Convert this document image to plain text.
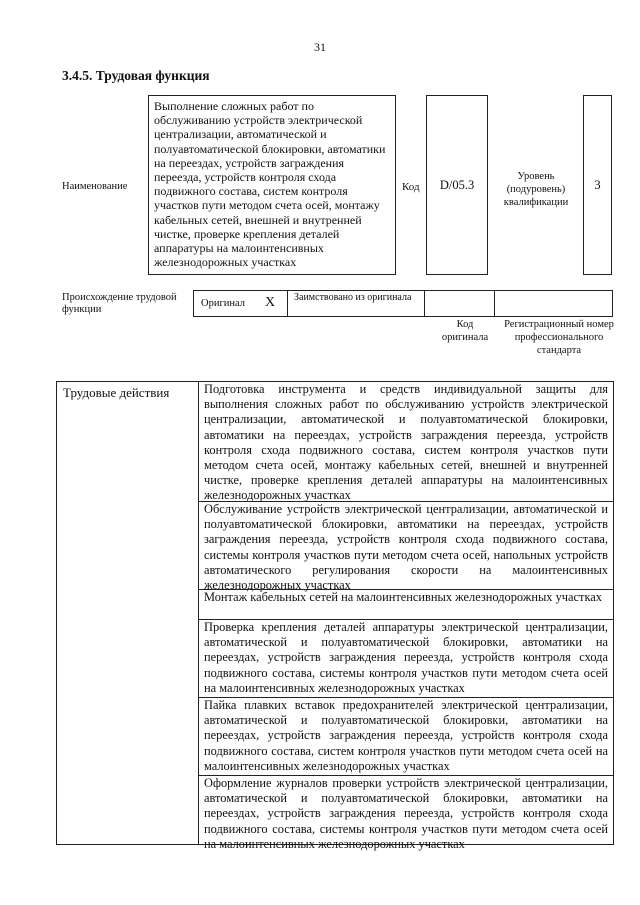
31
3.4.5. Трудовая функция
Наименование
Выполнение сложных работ по обслуживанию устройств электрической централизации, автоматической и полуавтоматической блокировки, автоматики на переездах, устройств заграждения переезда, устройств контроля схода подвижного состава, систем контроля участков пути методом счета осей, монтажу кабельных сетей, внешней и внутренней чистке, проверке крепления деталей аппаратуры на малоинтенсивных железнодорожных участках
Код D/05.3
Уровень (подуровень) квалификации
3
Происхождение трудовой функции
Оригинал X Заимствовано из оригинала
Код оригинала
Регистрационный номер профессионального стандарта
Трудовые действия	Подготовка инструмента и средств индивидуальной защиты для выполнения сложных работ по обслуживанию устройств электрической централизации, автоматической и полуавтоматической блокировки, автоматики на переездах, устройств заграждения переезда, устройств контроля схода подвижного состава, систем контроля участков пути методом счета осей, монтажу кабельных сетей, внешней и внутренней чистке, проверке крепления деталей аппаратуры на малоинтенсивных железнодорожных участках
Обслуживание устройств электрической централизации, автоматической и полуавтоматической блокировки, автоматики на переездах, устройств заграждения переезда, устройств контроля схода подвижного состава, системы контроля участков пути методом счета осей, напольных устройств автоматического регулирования скорости на малоинтенсивных железнодорожных участках
Монтаж кабельных сетей на малоинтенсивных железнодорожных участках
Проверка крепления деталей аппаратуры электрической централизации, автоматической и полуавтоматической блокировки, автоматики на переездах, устройств заграждения переезда, устройств контроля схода подвижного состава, системы контроля участков пути методом счета осей на малоинтенсивных железнодорожных участках
Пайка плавких вставок предохранителей электрической централизации, автоматической и полуавтоматической блокировки, автоматики на переездах, устройств заграждения переезда, устройств контроля схода подвижного состава, систем контроля участков пути методом счета осей на малоинтенсивных железнодорожных участках
Оформление журналов проверки устройств электрической централизации, автоматической и полуавтоматической блокировки, автоматики на переездах, устройств заграждения переезда, устройств контроля схода подвижного состава, системы контроля участков пути методом счета осей на малоинтенсивных железнодорожных участках
